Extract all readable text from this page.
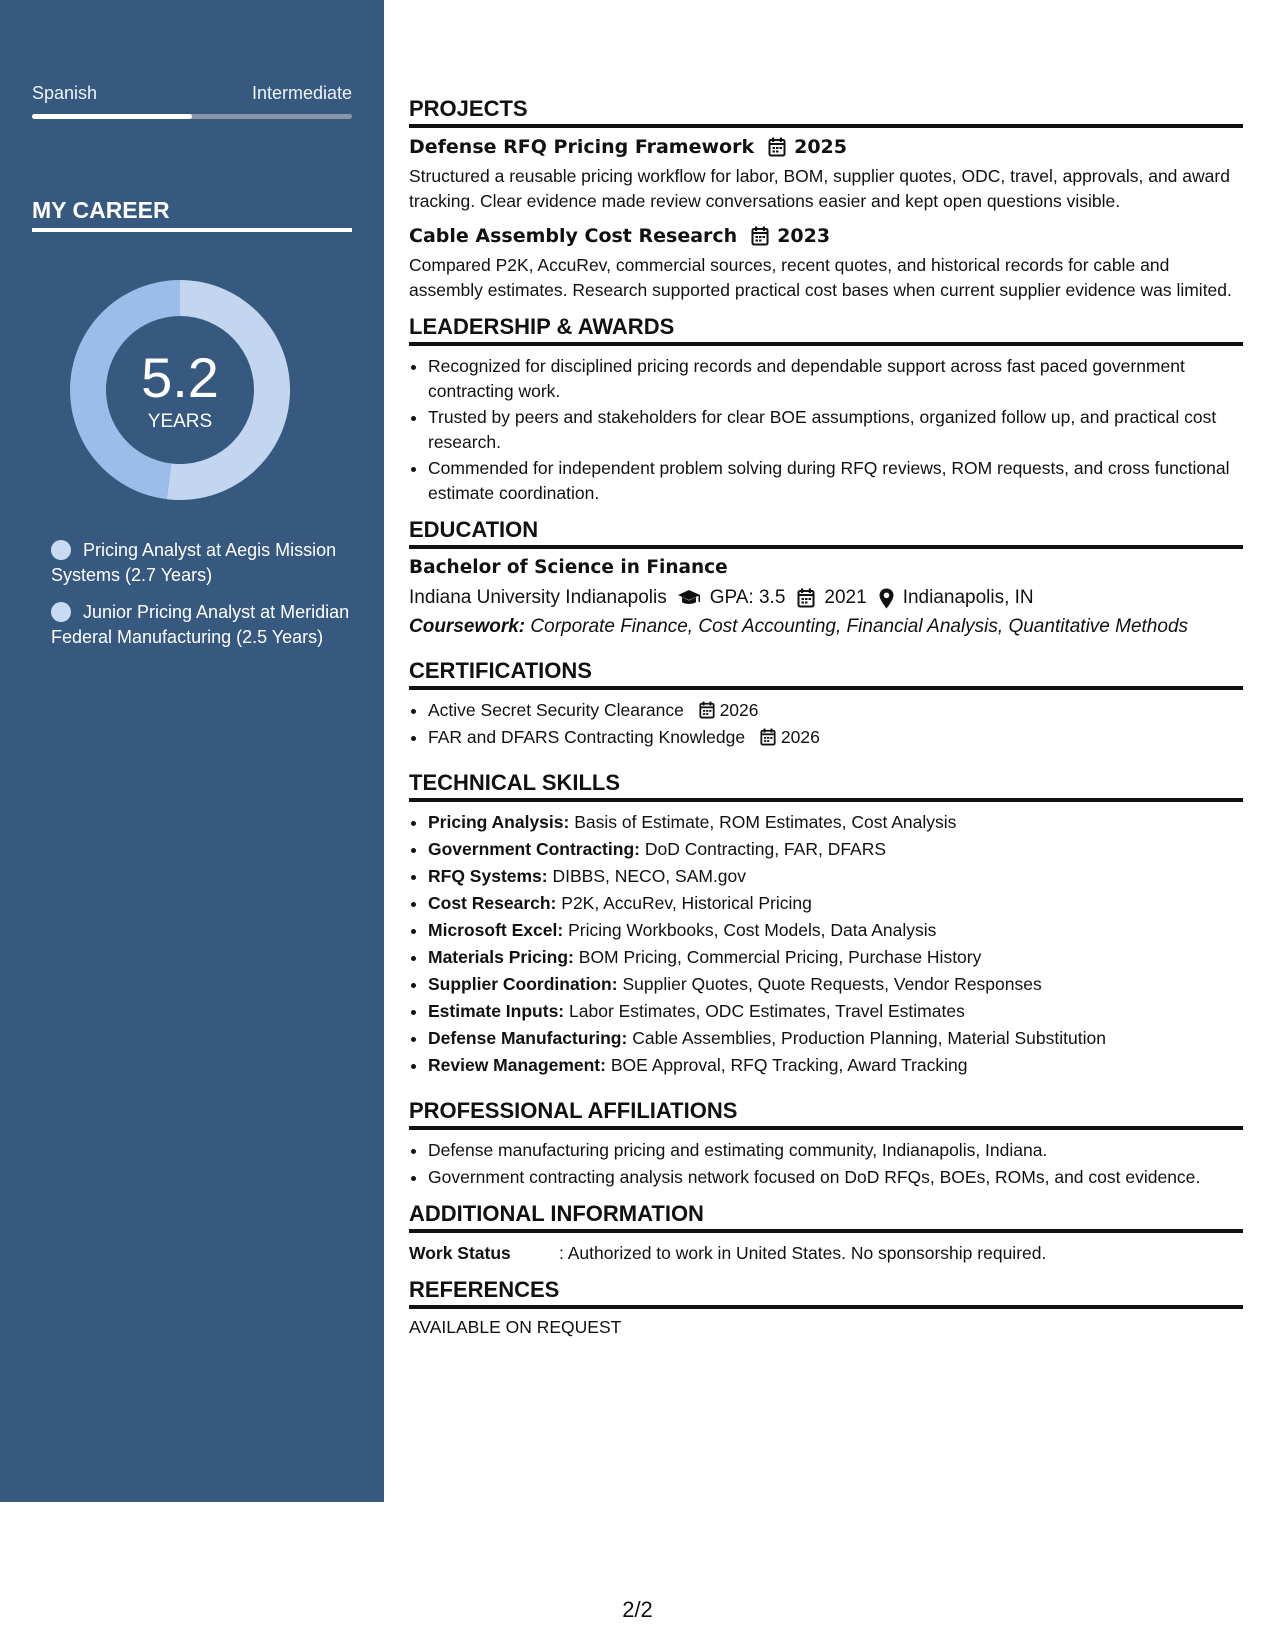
Spanish	Intermediate
MY CAREER
5.2
YEARS
Pricing Analyst at Aegis Mission Systems (2.7 Years)
Junior Pricing Analyst at Meridian Federal Manufacturing (2.5 Years)
PROJECTS
Defense RFQ Pricing Framework 2025
Structured a reusable pricing workflow for labor, BOM, supplier quotes, ODC, travel, approvals, and award tracking. Clear evidence made review conversations easier and kept open questions visible.
Cable Assembly Cost Research 2023
Compared P2K, AccuRev, commercial sources, recent quotes, and historical records for cable and assembly estimates. Research supported practical cost bases when current supplier evidence was limited.
LEADERSHIP & AWARDS
• Recognized for disciplined pricing records and dependable support across fast paced government contracting work.
• Trusted by peers and stakeholders for clear BOE assumptions, organized follow up, and practical cost research.
• Commended for independent problem solving during RFQ reviews, ROM requests, and cross functional estimate coordination.
EDUCATION
Bachelor of Science in Finance
Indiana University Indianapolis GPA: 3.5 2021 Indianapolis, IN
Coursework: Corporate Finance, Cost Accounting, Financial Analysis, Quantitative Methods
CERTIFICATIONS
• Active Secret Security Clearance 2026
• FAR and DFARS Contracting Knowledge 2026
TECHNICAL SKILLS
• Pricing Analysis: Basis of Estimate, ROM Estimates, Cost Analysis
• Government Contracting: DoD Contracting, FAR, DFARS
• RFQ Systems: DIBBS, NECO, SAM.gov
• Cost Research: P2K, AccuRev, Historical Pricing
• Microsoft Excel: Pricing Workbooks, Cost Models, Data Analysis
• Materials Pricing: BOM Pricing, Commercial Pricing, Purchase History
• Supplier Coordination: Supplier Quotes, Quote Requests, Vendor Responses
• Estimate Inputs: Labor Estimates, ODC Estimates, Travel Estimates
• Defense Manufacturing: Cable Assemblies, Production Planning, Material Substitution
• Review Management: BOE Approval, RFQ Tracking, Award Tracking
PROFESSIONAL AFFILIATIONS
• Defense manufacturing pricing and estimating community, Indianapolis, Indiana.
• Government contracting analysis network focused on DoD RFQs, BOEs, ROMs, and cost evidence.
ADDITIONAL INFORMATION
Work Status	: Authorized to work in United States. No sponsorship required.
REFERENCES
AVAILABLE ON REQUEST
2/2
